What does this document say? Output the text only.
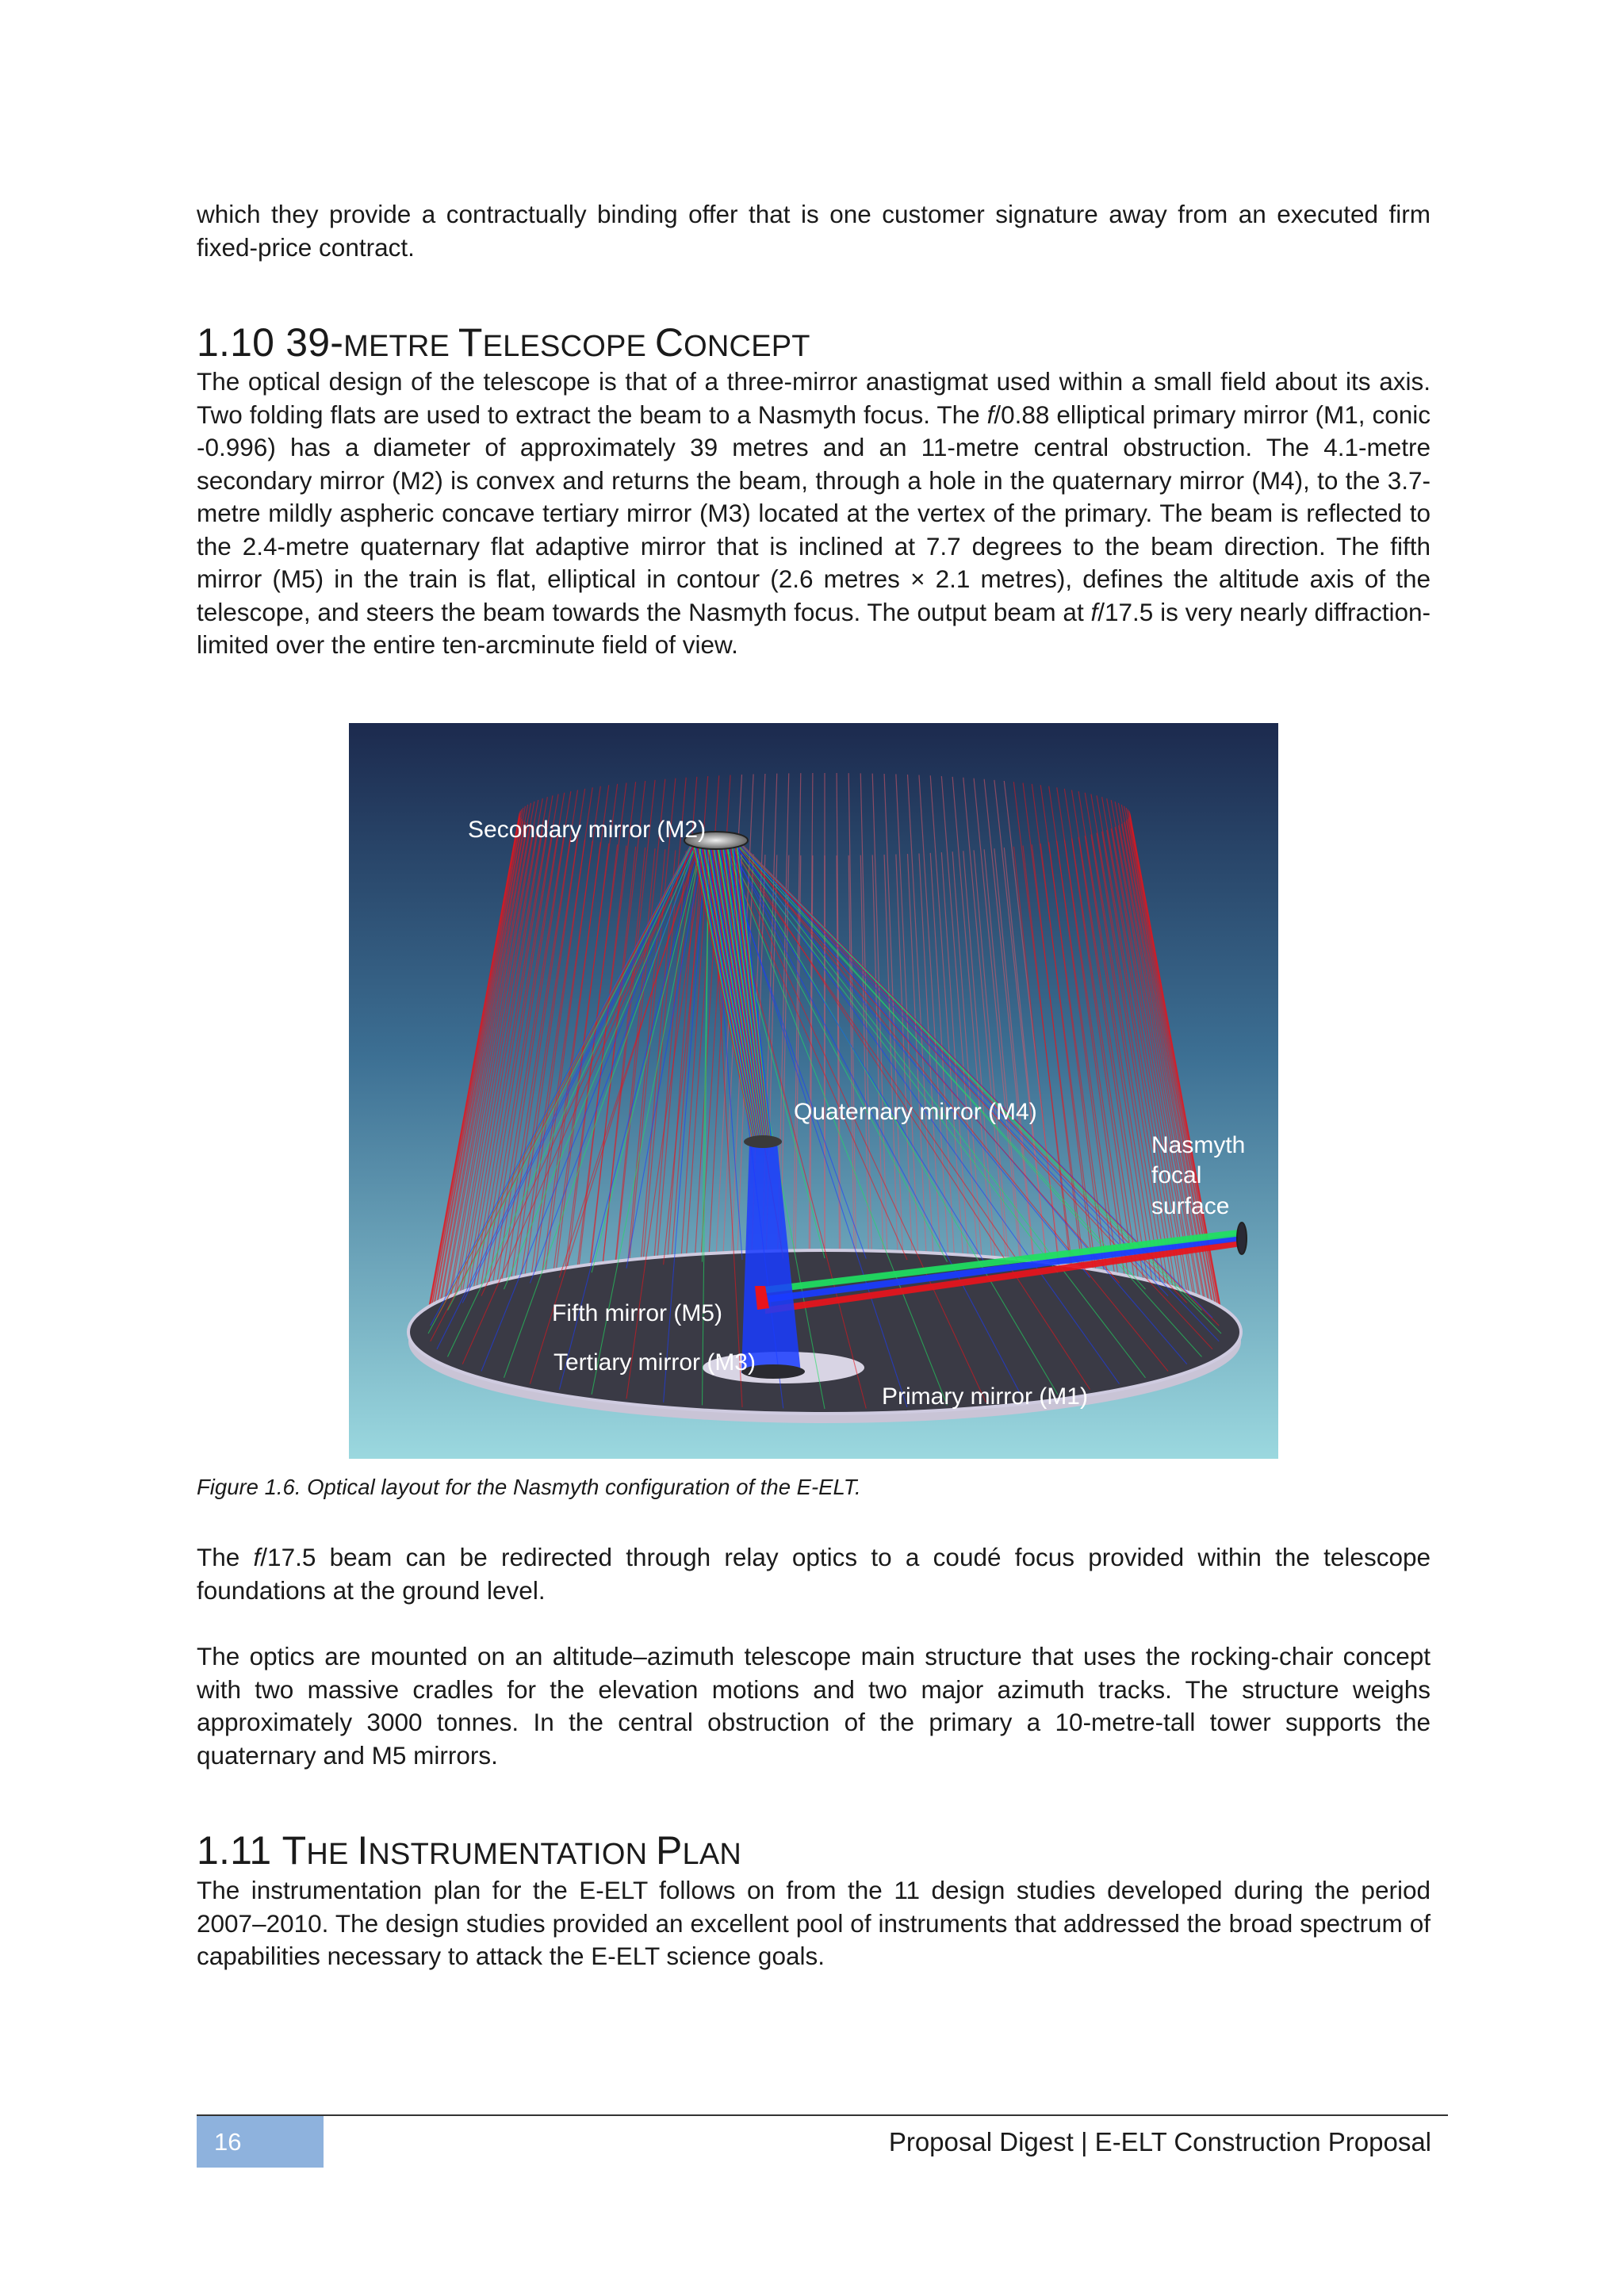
which they provide a contractually binding offer that is one customer signature away from an executed firm fixed-price contract.

1.10 39-METRE TELESCOPE CONCEPT

The optical design of the telescope is that of a three-mirror anastigmat used within a small field about its axis. Two folding flats are used to extract the beam to a Nasmyth focus. The f/0.88 elliptical primary mirror (M1, conic -0.996) has a diameter of approximately 39 metres and an 11-metre central obstruction. The 4.1-metre secondary mirror (M2) is convex and returns the beam, through a hole in the quaternary mirror (M4), to the 3.7-metre mildly aspheric concave tertiary mirror (M3) located at the vertex of the primary. The beam is reflected to the 2.4-metre quaternary flat adaptive mirror that is inclined at 7.7 degrees to the beam direction. The fifth mirror (M5) in the train is flat, elliptical in contour (2.6 metres × 2.1 metres), defines the altitude axis of the telescope, and steers the beam towards the Nasmyth focus. The output beam at f/17.5 is very nearly diffraction-limited over the entire ten-arcminute field of view.

Secondary mirror (M2)
Quaternary mirror (M4)
Nasmyth
focal
surface
Fifth mirror (M5)
Tertiary mirror (M3)
Primary mirror (M1)

Figure 1.6. Optical layout for the Nasmyth configuration of the E-ELT.

The f/17.5 beam can be redirected through relay optics to a coudé focus provided within the telescope foundations at the ground level.

The optics are mounted on an altitude–azimuth telescope main structure that uses the rocking-chair concept with two massive cradles for the elevation motions and two major azimuth tracks. The structure weighs approximately 3000 tonnes. In the central obstruction of the primary a 10-metre-tall tower supports the quaternary and M5 mirrors.

1.11 THE INSTRUMENTATION PLAN

The instrumentation plan for the E-ELT follows on from the 11 design studies developed during the period 2007–2010. The design studies provided an excellent pool of instruments that addressed the broad spectrum of capabilities necessary to attack the E-ELT science goals.

16	Proposal Digest | E-ELT Construction Proposal
